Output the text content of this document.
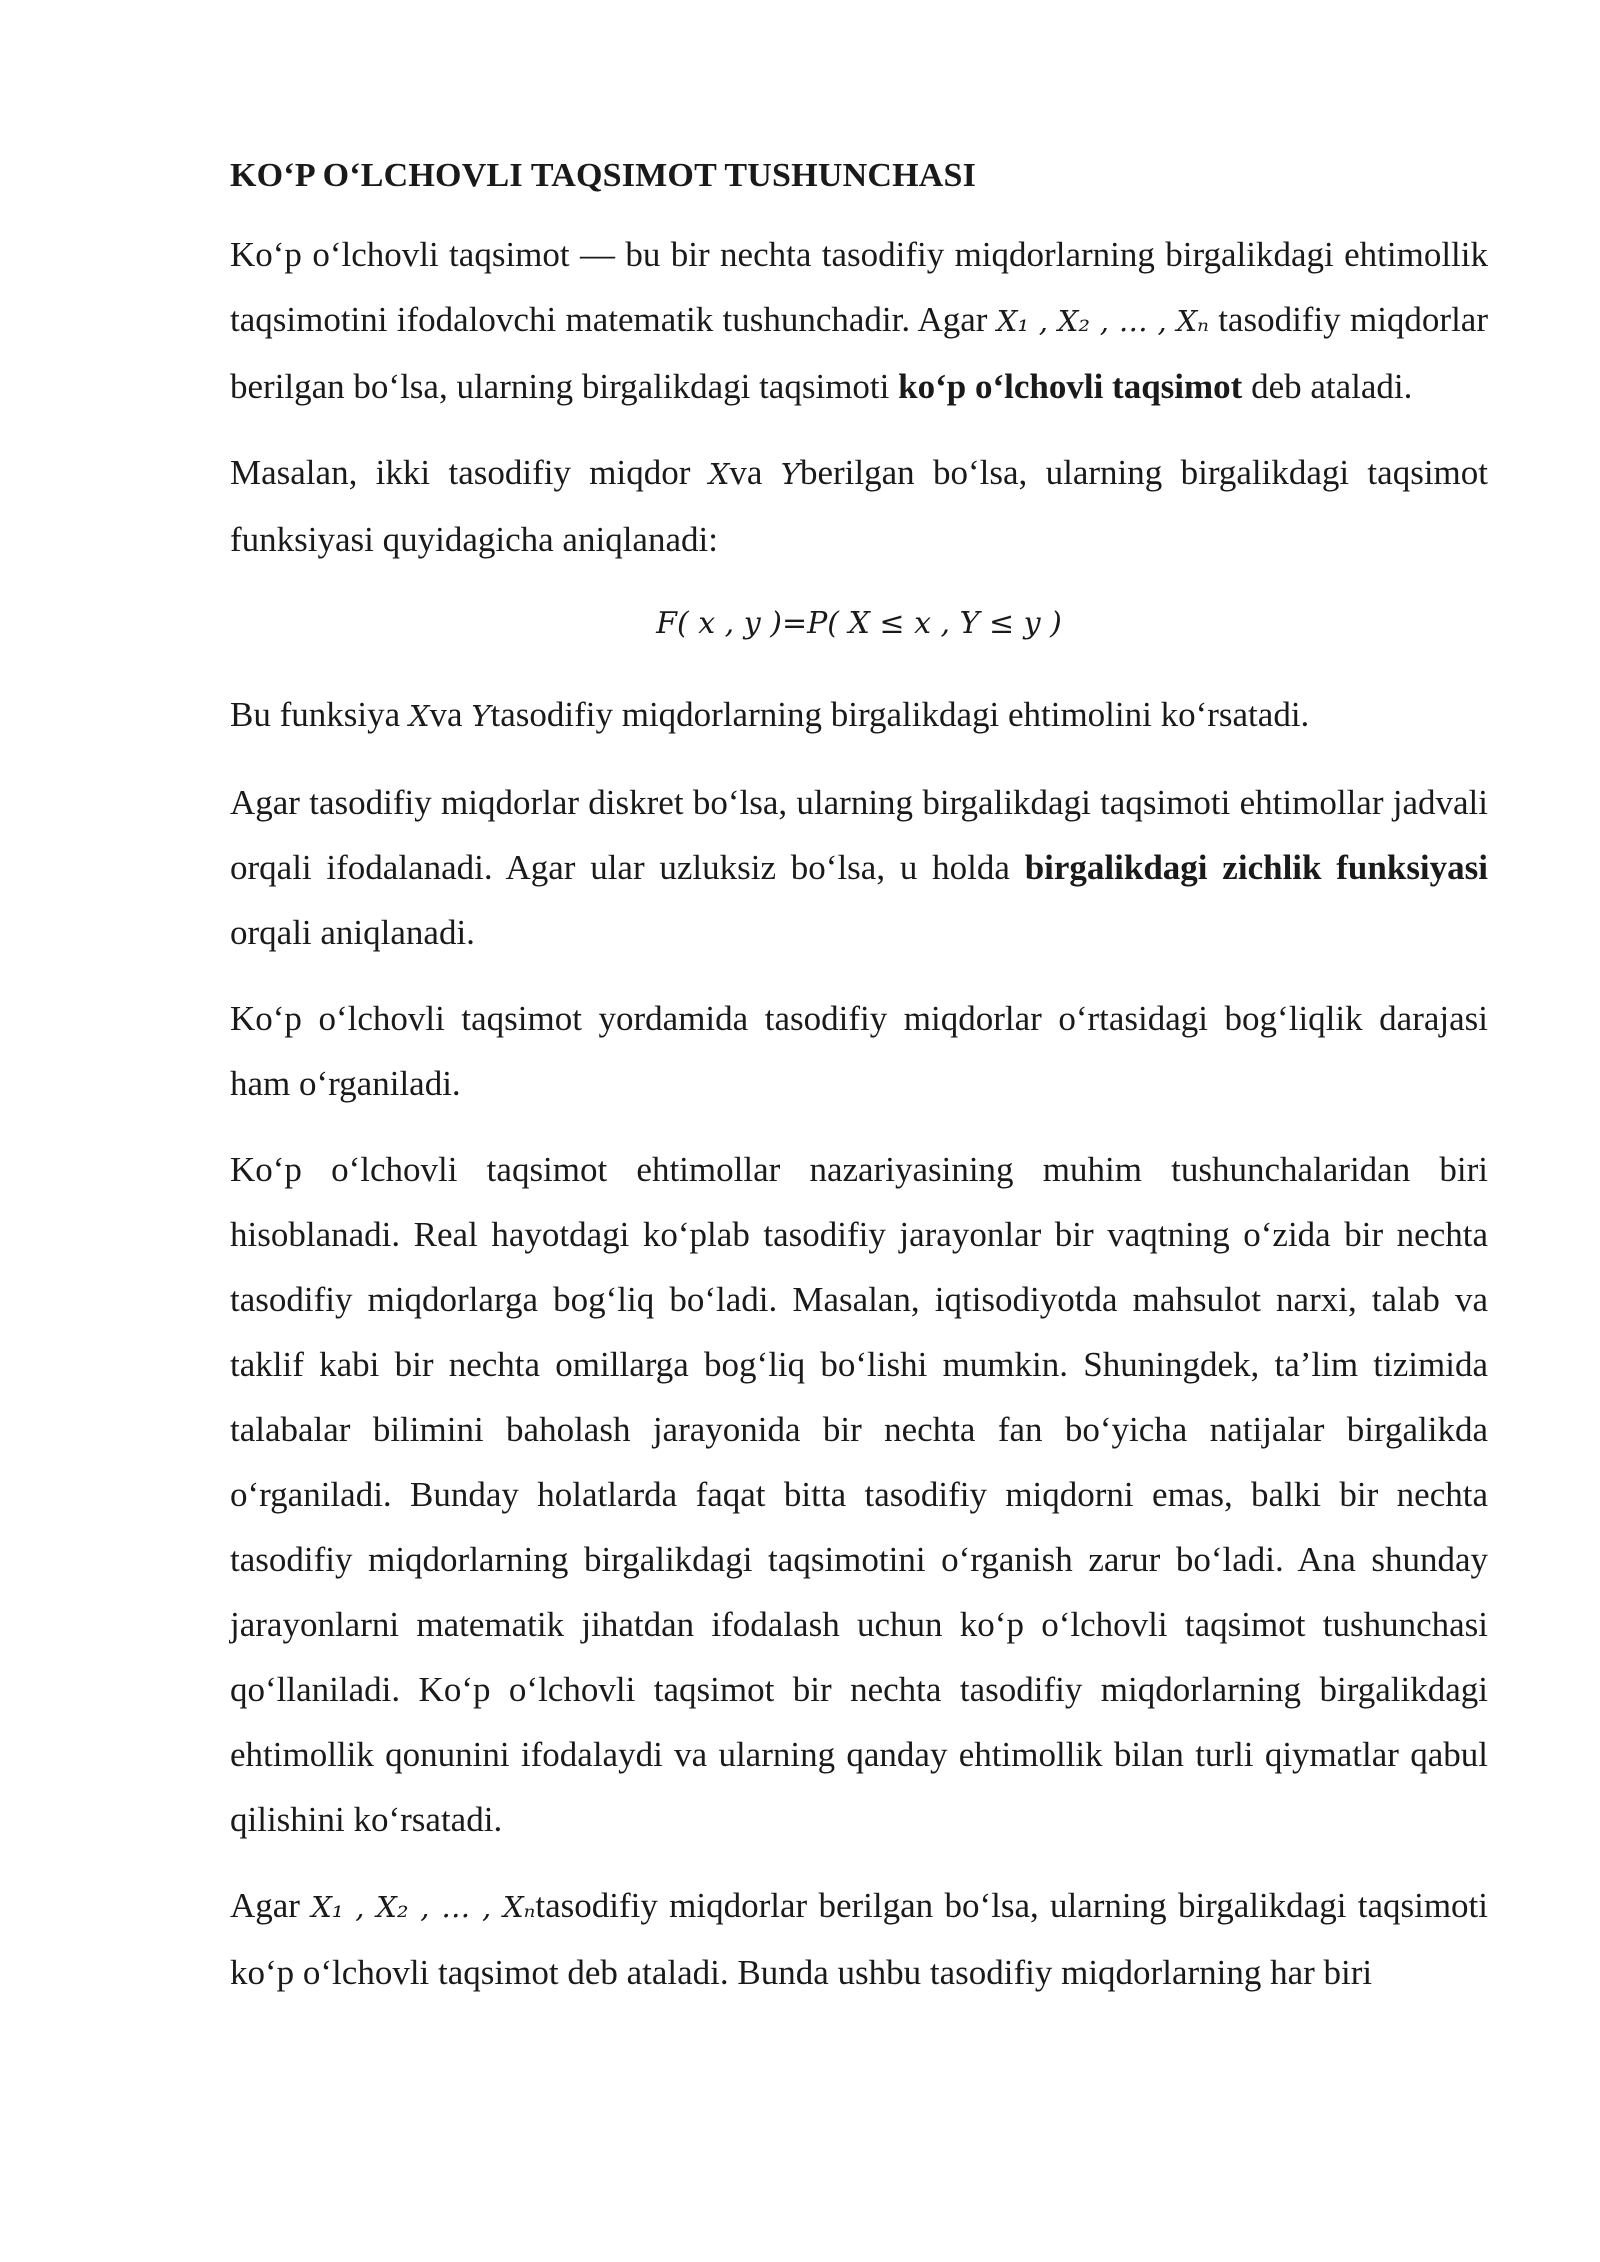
KO‘P O‘LCHOVLI TAQSIMOT TUSHUNCHASI

Ko‘p o‘lchovli taqsimot — bu bir nechta tasodifiy miqdorlarning birgalikdagi ehtimollik taqsimotini ifodalovchi matematik tushunchadir. Agar X₁ , X₂ , … , Xₙ tasodifiy miqdorlar berilgan bo‘lsa, ularning birgalikdagi taqsimoti ko‘p o‘lchovli taqsimot deb ataladi.

Masalan, ikki tasodifiy miqdor Xva Yberilgan bo‘lsa, ularning birgalikdagi taqsimot funksiyasi quyidagicha aniqlanadi:

F( x , y )=P( X ≤ x , Y ≤ y )

Bu funksiya Xva Ytasodifiy miqdorlarning birgalikdagi ehtimolini ko‘rsatadi.

Agar tasodifiy miqdorlar diskret bo‘lsa, ularning birgalikdagi taqsimoti ehtimollar jadvali orqali ifodalanadi. Agar ular uzluksiz bo‘lsa, u holda birgalikdagi zichlik funksiyasi orqali aniqlanadi.

Ko‘p o‘lchovli taqsimot yordamida tasodifiy miqdorlar o‘rtasidagi bog‘liqlik darajasi ham o‘rganiladi.

Ko‘p o‘lchovli taqsimot ehtimollar nazariyasining muhim tushunchalaridan biri hisoblanadi. Real hayotdagi ko‘plab tasodifiy jarayonlar bir vaqtning o‘zida bir nechta tasodifiy miqdorlarga bog‘liq bo‘ladi. Masalan, iqtisodiyotda mahsulot narxi, talab va taklif kabi bir nechta omillarga bog‘liq bo‘lishi mumkin. Shuningdek, ta’lim tizimida talabalar bilimini baholash jarayonida bir nechta fan bo‘yicha natijalar birgalikda o‘rganiladi. Bunday holatlarda faqat bitta tasodifiy miqdorni emas, balki bir nechta tasodifiy miqdorlarning birgalikdagi taqsimotini o‘rganish zarur bo‘ladi. Ana shunday jarayonlarni matematik jihatdan ifodalash uchun ko‘p o‘lchovli taqsimot tushunchasi qo‘llaniladi. Ko‘p o‘lchovli taqsimot bir nechta tasodifiy miqdorlarning birgalikdagi ehtimollik qonunini ifodalaydi va ularning qanday ehtimollik bilan turli qiymatlar qabul qilishini ko‘rsatadi.

Agar X₁ , X₂ , … , Xₙtasodifiy miqdorlar berilgan bo‘lsa, ularning birgalikdagi taqsimoti ko‘p o‘lchovli taqsimot deb ataladi. Bunda ushbu tasodifiy miqdorlarning har biri
